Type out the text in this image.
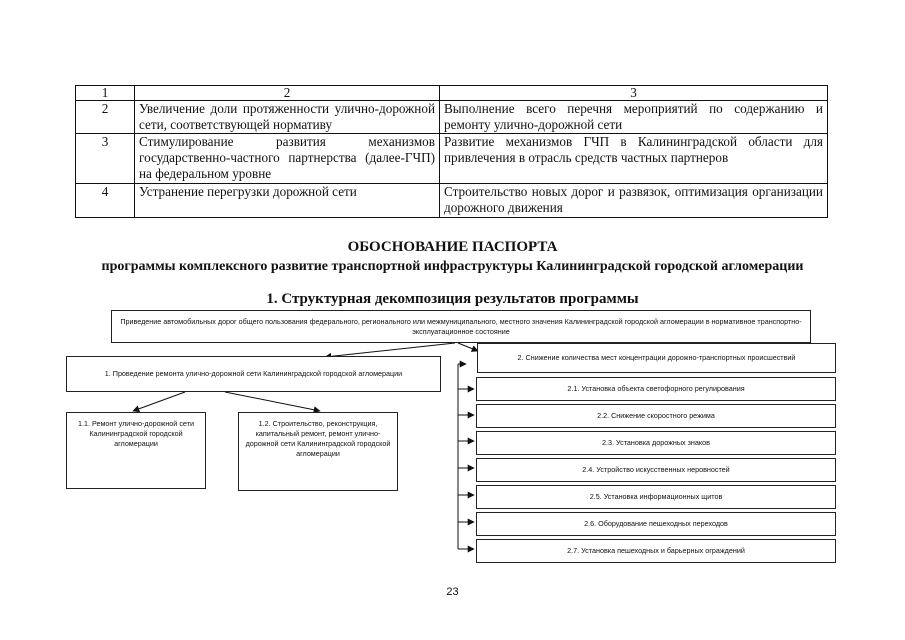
1	2	3
2	Увеличение доли протяженности улично-дорожной сети, соответствующей нормативу	Выполнение всего перечня мероприятий по содержанию и ремонту улично-дорожной сети
3	Стимулирование развития механизмов государственно-частного партнерства (далее-ГЧП) на федеральном уровне	Развитие механизмов ГЧП в Калининградской области для привлечения в отрасль средств частных партнеров
4	Устранение перегрузки дорожной сети	Строительство новых дорог и развязок, оптимизация организации дорожного движения
ОБОСНОВАНИЕ ПАСПОРТА
программы комплексного развитие транспортной инфраструктуры Калининградской городской агломерации
1. Структурная декомпозиция результатов программы
Приведение автомобильных дорог общего пользования федерального, регионального или межмуниципального, местного значения Калининградской городской агломерации в нормативное транспортно-эксплуатационное состояние
1. Проведение ремонта улично-дорожной сети Калининградской городской агломерации
1.1. Ремонт улично-дорожной сети Калининградской городской агломерации
1.2. Строительство, реконструкция, капитальный ремонт, ремонт улично-дорожной сети Калининградской городской агломерации
2. Снижение количества мест концентрации дорожно-транспортных происшествий
2.1. Установка объекта светофорного регулирования
2.2. Снижение скоростного режима
2.3. Установка дорожных знаков
2.4. Устройство искусственных неровностей
2.5. Установка информационных щитов
2.6. Оборудование пешеходных переходов
2.7. Установка пешеходных и барьерных ограждений
23
